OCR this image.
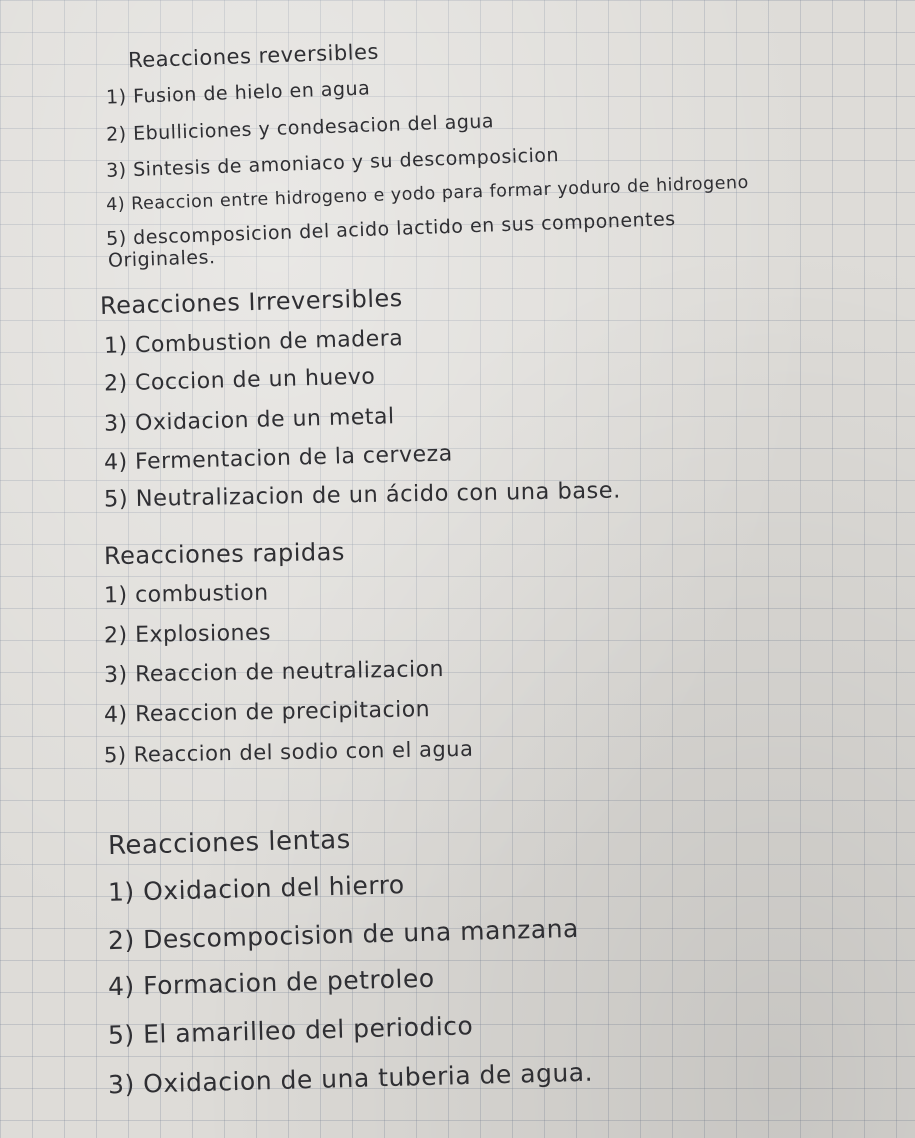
Reacciones reversibles
1) Fusion de hielo en agua
2) Ebulliciones y condesacion del agua
3) Sintesis de amoniaco y su descomposicion
4) Reaccion entre hidrogeno e yodo para formar yoduro de hidrogeno
5) descomposicion del acido lactido en sus componentes
Originales.
Reacciones Irreversibles
1) Combustion de madera
2) Coccion de un huevo
3) Oxidacion de un metal
4) Fermentacion de la cerveza
5) Neutralizacion de un ácido con una base.
Reacciones rapidas
1) combustion
2) Explosiones
3) Reaccion de neutralizacion
4) Reaccion de precipitacion
5) Reaccion del sodio con el agua
Reacciones lentas
1) Oxidacion del hierro
2) Descompocision de una manzana
4) Formacion de petroleo
5) El amarilleo del periodico
3) Oxidacion de una tuberia de agua.
